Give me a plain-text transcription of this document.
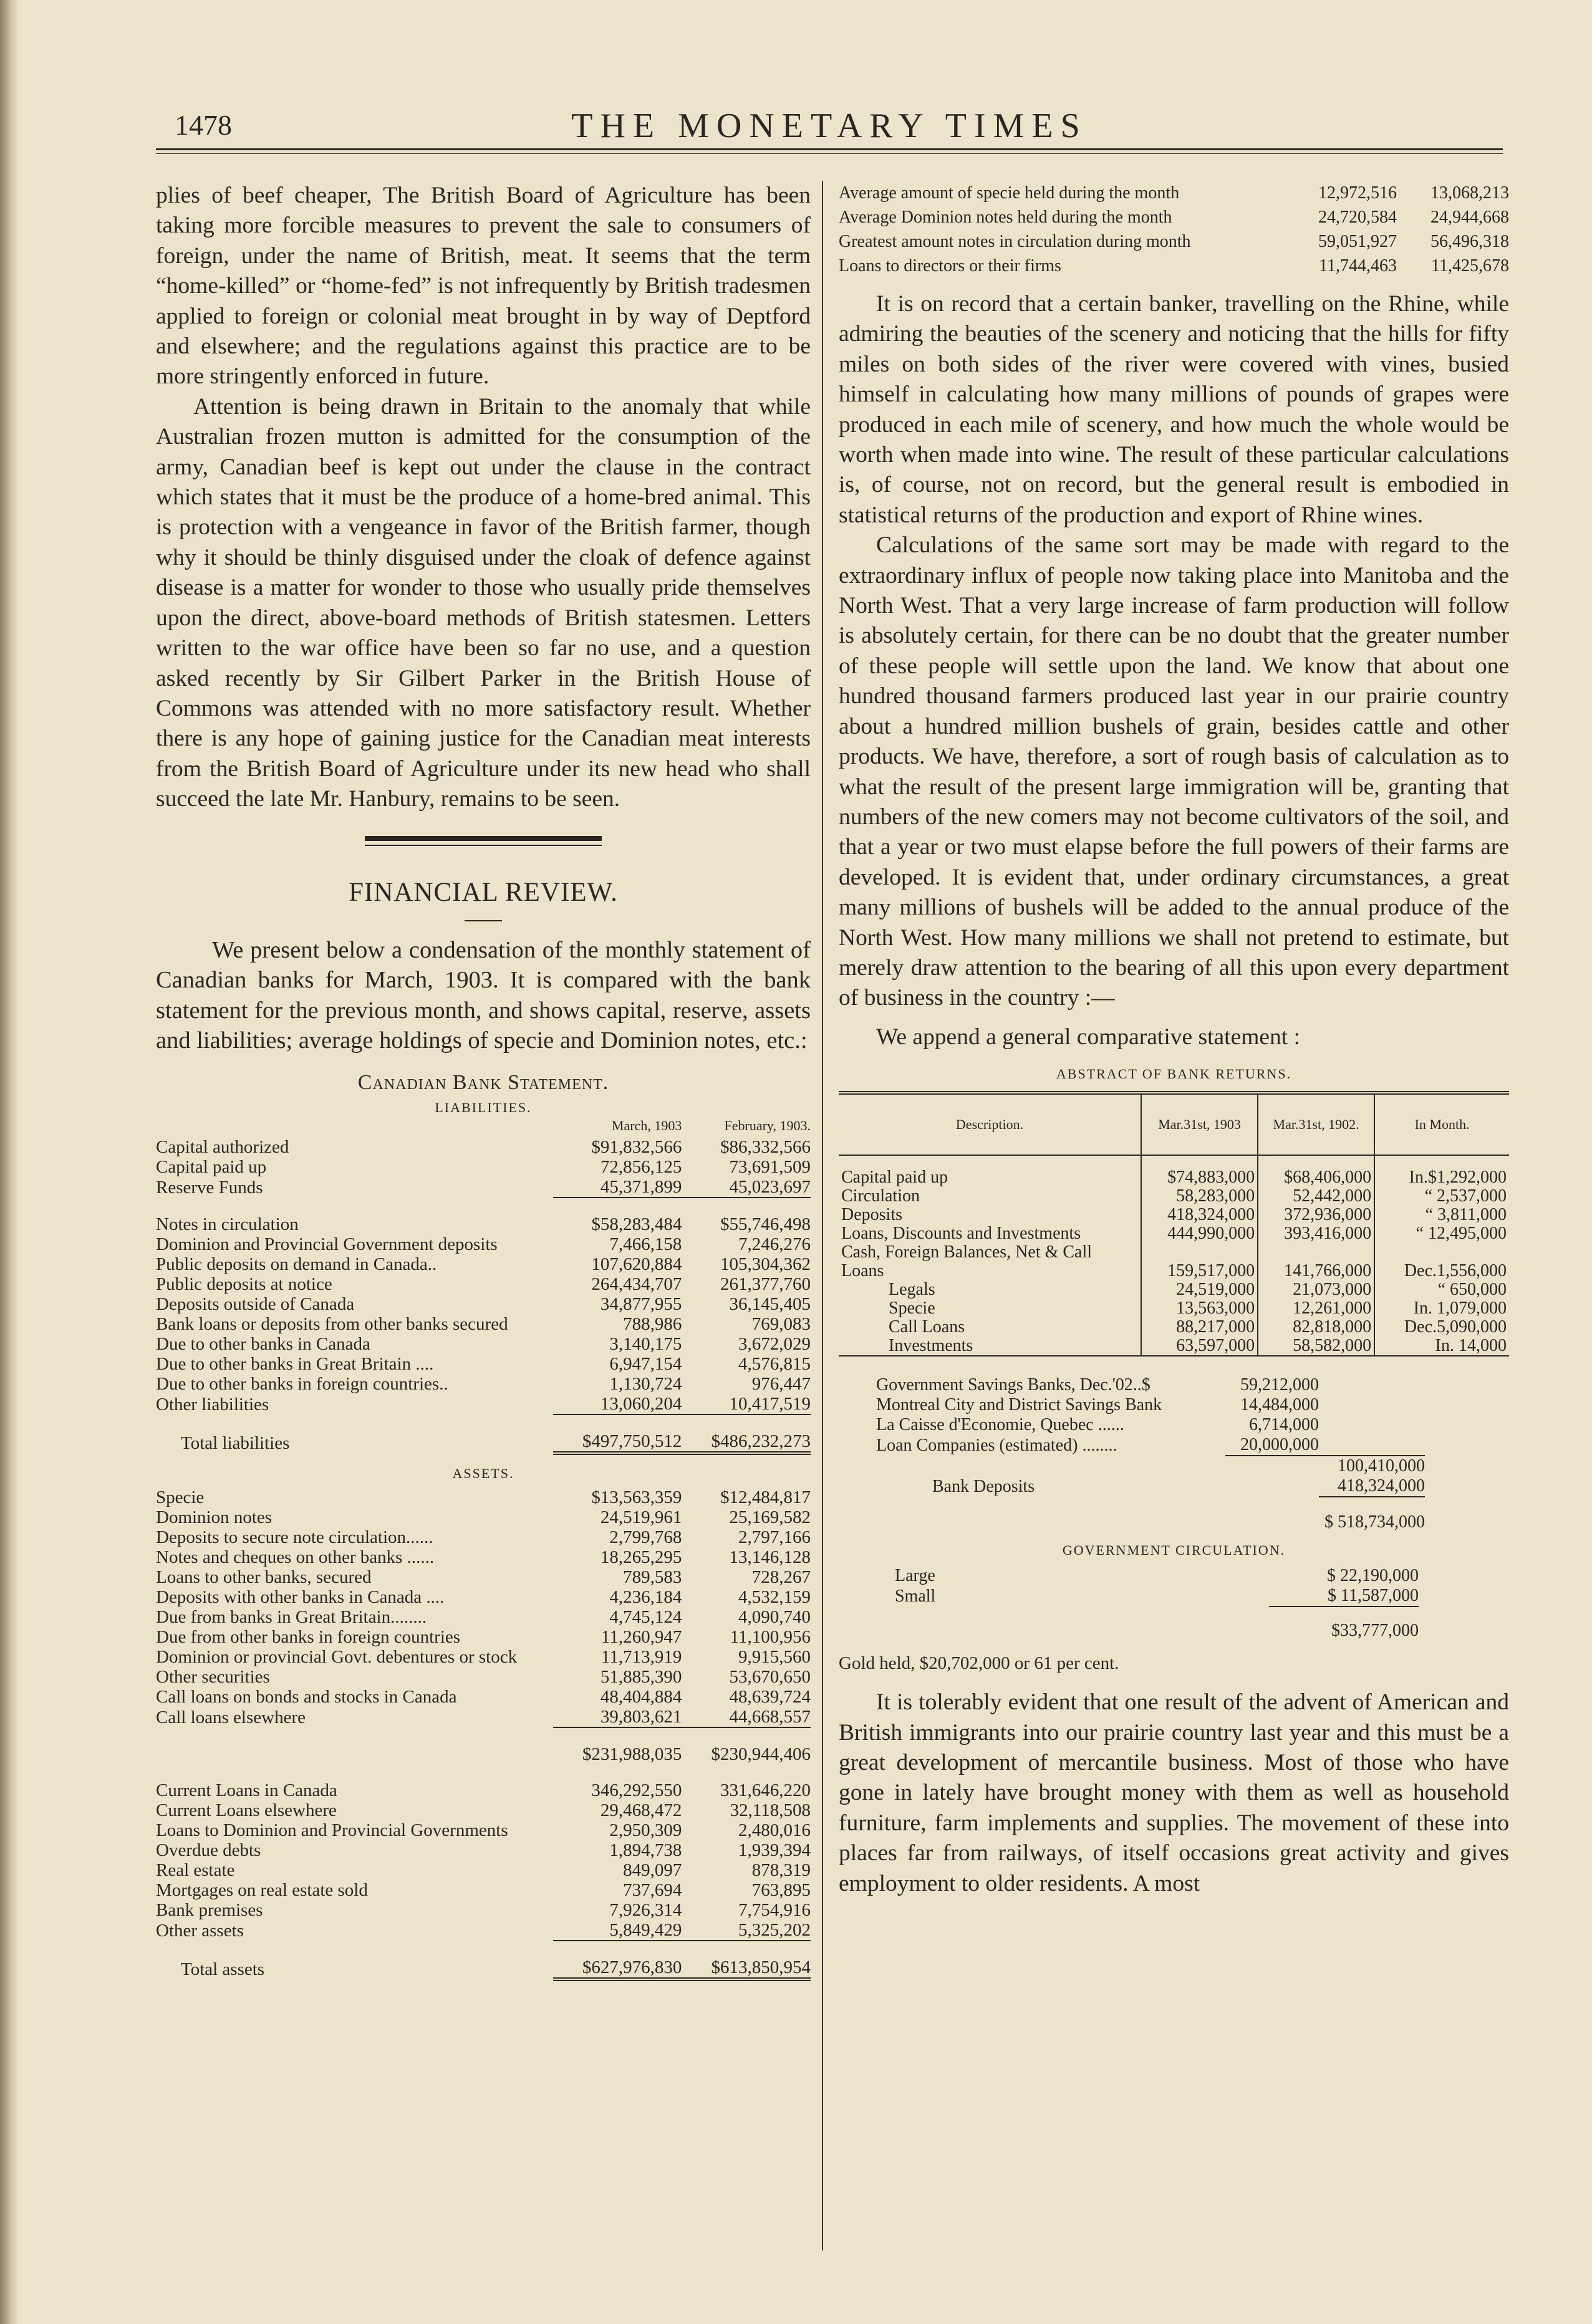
1478	THE MONETARY TIMES

plies of beef cheaper, The British Board of Agriculture has been taking more forcible measures to prevent the sale to consumers of foreign, under the name of British, meat. It seems that the term “home-killed” or “home-fed” is not infrequently by British tradesmen applied to foreign or colonial meat brought in by way of Deptford and elsewhere; and the regulations against this practice are to be more stringently enforced in future.

Attention is being drawn in Britain to the anomaly that while Australian frozen mutton is admitted for the consumption of the army, Canadian beef is kept out under the clause in the contract which states that it must be the produce of a home-bred animal. This is protection with a vengeance in favor of the British farmer, though why it should be thinly disguised under the cloak of defence against disease is a matter for wonder to those who usually pride themselves upon the direct, above-board methods of British statesmen. Letters written to the war office have been so far no use, and a question asked recently by Sir Gilbert Parker in the British House of Commons was attended with no more satisfactory result. Whether there is any hope of gaining justice for the Canadian meat interests from the British Board of Agriculture under its new head who shall succeed the late Mr. Hanbury, remains to be seen.

FINANCIAL REVIEW.

We present below a condensation of the monthly statement of Canadian banks for March, 1903. It is compared with the bank statement for the previous month, and shows capital, reserve, assets and liabilities; average holdings of specie and Dominion notes, etc.:

Canadian Bank Statement.
LIABILITIES.
	March, 1903	February, 1903.
Capital authorized	$91,832,566	$86,332,566
Capital paid up	72,856,125	73,691,509
Reserve Funds	45,371,899	45,023,697

Notes in circulation	$58,283,484	$55,746,498
Dominion and Provincial Government deposits	7,466,158	7,246,276
Public deposits on demand in Canada..	107,620,884	105,304,362
Public deposits at notice	264,434,707	261,377,760
Deposits outside of Canada	34,877,955	36,145,405
Bank loans or deposits from other banks secured	788,986	769,083
Due to other banks in Canada	3,140,175	3,672,029
Due to other banks in Great Britain ....	6,947,154	4,576,815
Due to other banks in foreign countries..	1,130,724	976,447
Other liabilities	13,060,204	10,417,519

Total liabilities	$497,750,512	$486,232,273
ASSETS.		
Specie	$13,563,359	$12,484,817
Dominion notes	24,519,961	25,169,582
Deposits to secure note circulation......	2,799,768	2,797,166
Notes and cheques on other banks ......	18,265,295	13,146,128
Loans to other banks, secured	789,583	728,267
Deposits with other banks in Canada ....	4,236,184	4,532,159
Due from banks in Great Britain........	4,745,124	4,090,740
Due from other banks in foreign countries	11,260,947	11,100,956
Dominion or provincial Govt. debentures or stock	11,713,919	9,915,560
Other securities	51,885,390	53,670,650
Call loans on bonds and stocks in Canada	48,404,884	48,639,724
Call loans elsewhere	39,803,621	44,668,557

	$231,988,035	$230,944,406

Current Loans in Canada	346,292,550	331,646,220
Current Loans elsewhere	29,468,472	32,118,508
Loans to Dominion and Provincial Governments	2,950,309	2,480,016
Overdue debts	1,894,738	1,939,394
Real estate	849,097	878,319
Mortgages on real estate sold	737,694	763,895
Bank premises	7,926,314	7,754,916
Other assets	5,849,429	5,325,202

Total assets	$627,976,830	$613,850,954
Average amount of specie held during the month	12,972,516	13,068,213
Average Dominion notes held during the month	24,720,584	24,944,668
Greatest amount notes in circulation during month	59,051,927	56,496,318
Loans to directors or their firms	11,744,463	11,425,678

It is on record that a certain banker, travelling on the Rhine, while admiring the beauties of the scenery and noticing that the hills for fifty miles on both sides of the river were covered with vines, busied himself in calculating how many millions of pounds of grapes were produced in each mile of scenery, and how much the whole would be worth when made into wine. The result of these particular calculations is, of course, not on record, but the general result is embodied in statistical returns of the production and export of Rhine wines.

Calculations of the same sort may be made with regard to the extraordinary influx of people now taking place into Manitoba and the North West. That a very large increase of farm production will follow is absolutely certain, for there can be no doubt that the greater number of these people will settle upon the land. We know that about one hundred thousand farmers produced last year in our prairie country about a hundred million bushels of grain, besides cattle and other products. We have, therefore, a sort of rough basis of calculation as to what the result of the present large immigration will be, granting that numbers of the new comers may not become cultivators of the soil, and that a year or two must elapse before the full powers of their farms are developed. It is evident that, under ordinary circumstances, a great many millions of bushels will be added to the annual produce of the North West. How many millions we shall not pretend to estimate, but merely draw attention to the bearing of all this upon every department of business in the country :—

We append a general comparative statement :

ABSTRACT OF BANK RETURNS.
Description.	Mar.31st, 1903	Mar.31st, 1902.	In Month.
Capital paid up	$74,883,000	$68,406,000	In.$1,292,000
Circulation	58,283,000	52,442,000	“ 2,537,000
Deposits	418,324,000	372,936,000	“ 3,811,000
Loans, Discounts and Investments	444,990,000	393,416,000	“ 12,495,000
Cash, Foreign Balances, Net & Call Loans	159,517,000	141,766,000	Dec.1,556,000
Legals	24,519,000	21,073,000	“ 650,000
Specie	13,563,000	12,261,000	In. 1,079,000
Call Loans	88,217,000	82,818,000	Dec.5,090,000
Investments	63,597,000	58,582,000	In. 14,000
Government Savings Banks, Dec.'02..$	59,212,000	
Montreal City and District Savings Bank	14,484,000	
La Caisse d'Economie, Quebec ......	6,714,000	
Loan Companies (estimated) ........	20,000,000	
		100,410,000
Bank Deposits		418,324,000
		$ 518,734,000
GOVERNMENT CIRCULATION.
Large	$ 22,190,000
Small	$ 11,587,000
	$33,777,000
Gold held, $20,702,000 or 61 per cent.

It is tolerably evident that one result of the advent of American and British immigrants into our prairie country last year and this must be a great development of mercantile business. Most of those who have gone in lately have brought money with them as well as household furniture, farm implements and supplies. The movement of these into places far from railways, of itself occasions great activity and gives employment to older residents. A most
